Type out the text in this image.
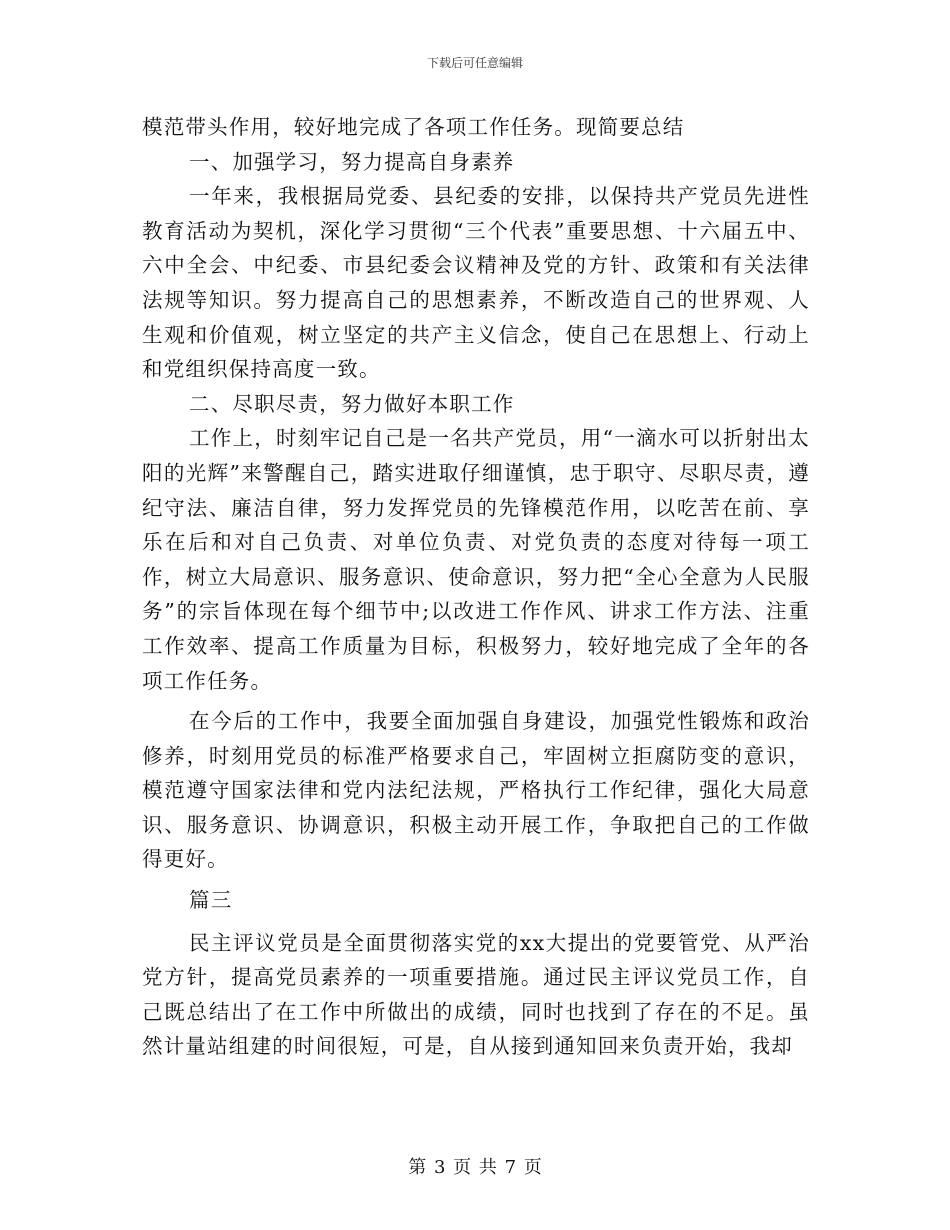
下载后可任意编辑

模范带头作用，较好地完成了各项工作任务。现简要总结

一、加强学习，努力提高自身素养

一年来，我根据局党委、县纪委的安排，以保持共产党员先进性教育活动为契机，深化学习贯彻“三个代表”重要思想、十六届五中、六中全会、中纪委、市县纪委会议精神及党的方针、政策和有关法律法规等知识。努力提高自己的思想素养，不断改造自己的世界观、人生观和价值观，树立坚定的共产主义信念，使自己在思想上、行动上和党组织保持高度一致。

二、尽职尽责，努力做好本职工作

工作上，时刻牢记自己是一名共产党员，用“一滴水可以折射出太阳的光辉”来警醒自己，踏实进取仔细谨慎，忠于职守、尽职尽责，遵纪守法、廉洁自律，努力发挥党员的先锋模范作用，以吃苦在前、享乐在后和对自己负责、对单位负责、对党负责的态度对待每一项工作，树立大局意识、服务意识、使命意识，努力把“全心全意为人民服务”的宗旨体现在每个细节中;以改进工作作风、讲求工作方法、注重工作效率、提高工作质量为目标，积极努力，较好地完成了全年的各项工作任务。

在今后的工作中，我要全面加强自身建设，加强党性锻炼和政治修养，时刻用党员的标准严格要求自己，牢固树立拒腐防变的意识，模范遵守国家法律和党内法纪法规，严格执行工作纪律，强化大局意识、服务意识、协调意识，积极主动开展工作，争取把自己的工作做得更好。

篇三

民主评议党员是全面贯彻落实党的xx大提出的党要管党、从严治党方针，提高党员素养的一项重要措施。通过民主评议党员工作，自己既总结出了在工作中所做出的成绩，同时也找到了存在的不足。虽然计量站组建的时间很短，可是，自从接到通知回来负责开始，我却

第 3 页 共 7 页
